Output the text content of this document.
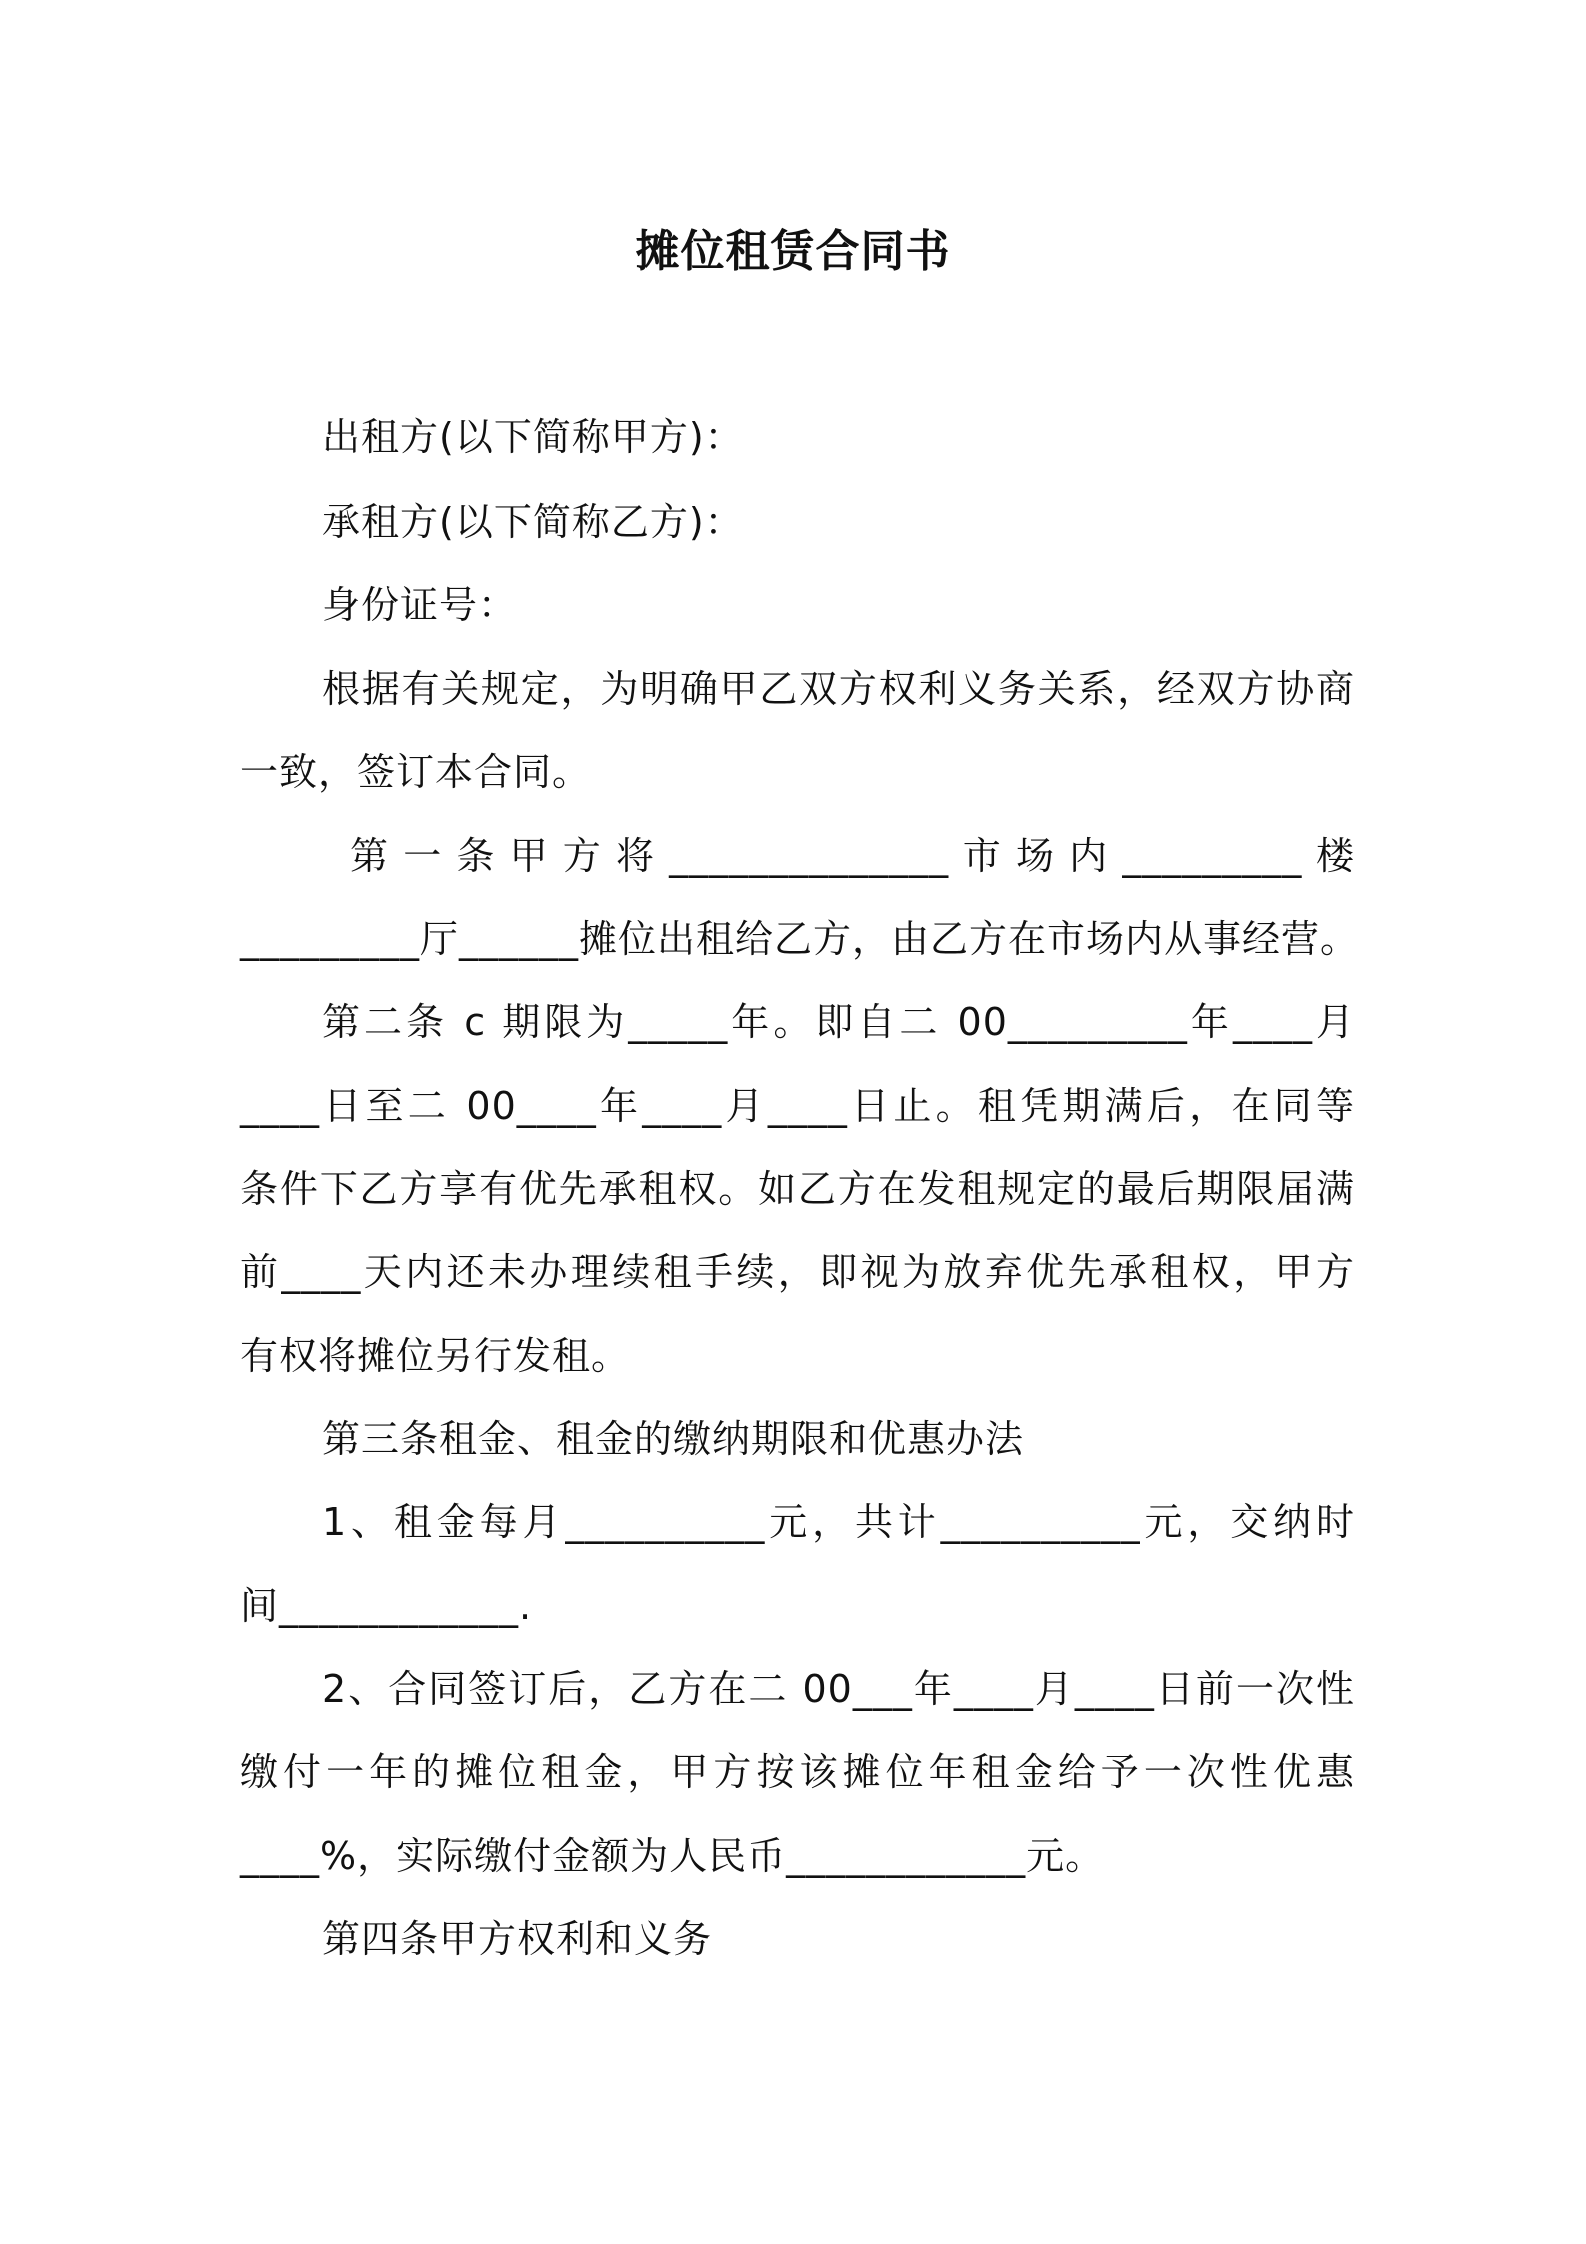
摊位租赁合同书
出租方(以下简称甲方)：
承租方(以下简称乙方)：
身份证号：
根据有关规定，为明确甲乙双方权利义务关系，经双方协商
一致，签订本合同。
第 一 条 甲 方 将 ______________ 市 场 内 _________ 楼
_________厅______摊位出租给乙方，由乙方在市场内从事经营。
第二条 c 期限为_____年。即自二 00_________年____月
____日至二 00____年____月____日止。租凭期满后，在同等
条件下乙方享有优先承租权。如乙方在发租规定的最后期限届满
前____天内还未办理续租手续，即视为放弃优先承租权，甲方
有权将摊位另行发租。
第三条租金、租金的缴纳期限和优惠办法
1、租金每月__________元，共计__________元，交纳时
间____________.
2、合同签订后，乙方在二 00___年____月____日前一次性
缴付一年的摊位租金，甲方按该摊位年租金给予一次性优惠
____%，实际缴付金额为人民币____________元。
第四条甲方权利和义务
